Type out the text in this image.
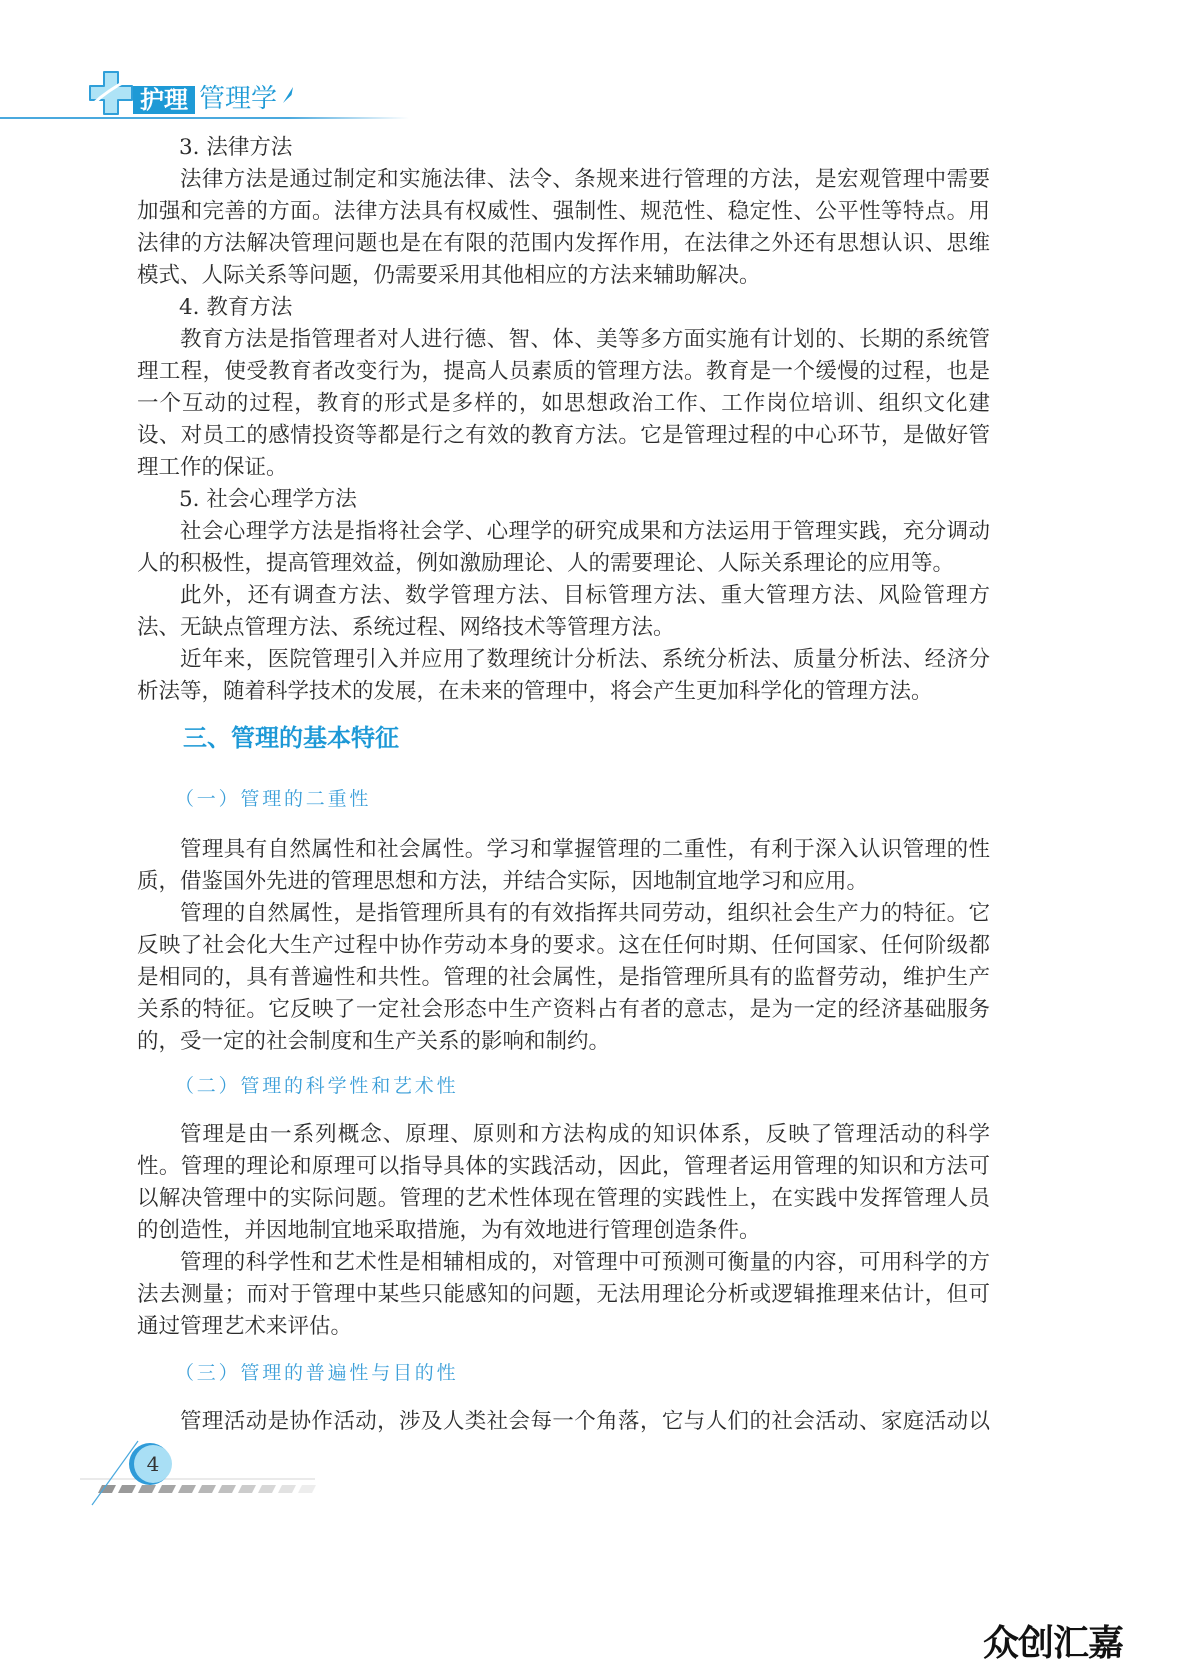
护理 管理学
3. 法律方法
法律方法是通过制定和实施法律、法令、条规来进行管理的方法，是宏观管理中需要
加强和完善的方面。法律方法具有权威性、强制性、规范性、稳定性、公平性等特点。用
法律的方法解决管理问题也是在有限的范围内发挥作用，在法律之外还有思想认识、思维
模式、人际关系等问题，仍需要采用其他相应的方法来辅助解决。
4. 教育方法
教育方法是指管理者对人进行德、智、体、美等多方面实施有计划的、长期的系统管
理工程，使受教育者改变行为，提高人员素质的管理方法。教育是一个缓慢的过程，也是
一个互动的过程，教育的形式是多样的，如思想政治工作、工作岗位培训、组织文化建
设、对员工的感情投资等都是行之有效的教育方法。它是管理过程的中心环节，是做好管
理工作的保证。
5. 社会心理学方法
社会心理学方法是指将社会学、心理学的研究成果和方法运用于管理实践，充分调动
人的积极性，提高管理效益，例如激励理论、人的需要理论、人际关系理论的应用等。
此外，还有调查方法、数学管理方法、目标管理方法、重大管理方法、风险管理方
法、无缺点管理方法、系统过程、网络技术等管理方法。
近年来，医院管理引入并应用了数理统计分析法、系统分析法、质量分析法、经济分
析法等，随着科学技术的发展，在未来的管理中，将会产生更加科学化的管理方法。
三、管理的基本特征
（一）管理的二重性
管理具有自然属性和社会属性。学习和掌握管理的二重性，有利于深入认识管理的性
质，借鉴国外先进的管理思想和方法，并结合实际，因地制宜地学习和应用。
管理的自然属性，是指管理所具有的有效指挥共同劳动，组织社会生产力的特征。它
反映了社会化大生产过程中协作劳动本身的要求。这在任何时期、任何国家、任何阶级都
是相同的，具有普遍性和共性。管理的社会属性，是指管理所具有的监督劳动，维护生产
关系的特征。它反映了一定社会形态中生产资料占有者的意志，是为一定的经济基础服务
的，受一定的社会制度和生产关系的影响和制约。
（二）管理的科学性和艺术性
管理是由一系列概念、原理、原则和方法构成的知识体系，反映了管理活动的科学
性。管理的理论和原理可以指导具体的实践活动，因此，管理者运用管理的知识和方法可
以解决管理中的实际问题。管理的艺术性体现在管理的实践性上，在实践中发挥管理人员
的创造性，并因地制宜地采取措施，为有效地进行管理创造条件。
管理的科学性和艺术性是相辅相成的，对管理中可预测可衡量的内容，可用科学的方
法去测量；而对于管理中某些只能感知的问题，无法用理论分析或逻辑推理来估计，但可
通过管理艺术来评估。
（三）管理的普遍性与目的性
管理活动是协作活动，涉及人类社会每一个角落，它与人们的社会活动、家庭活动以
4
众创汇嘉
